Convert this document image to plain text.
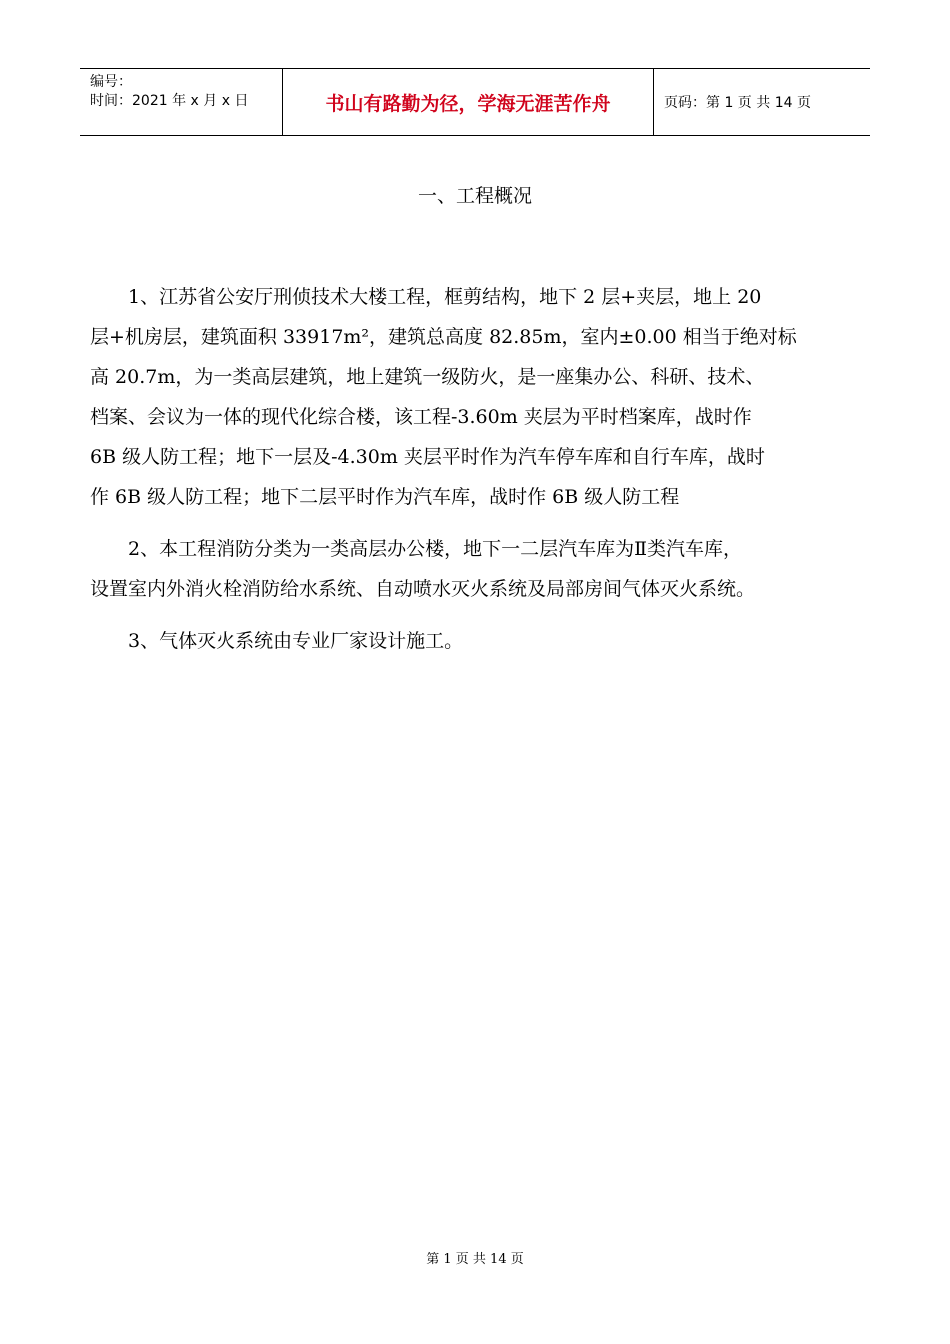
编号：
时间：2021 年 x 月 x 日	书山有路勤为径，学海无涯苦作舟	页码：第 1 页 共 14 页
一、工程概况

1、江苏省公安厅刑侦技术大楼工程，框剪结构，地下 2 层+夹层，地上 20
层+机房层，建筑面积 33917m²，建筑总高度 82.85m，室内±0.00 相当于绝对标
高 20.7m，为一类高层建筑，地上建筑一级防火，是一座集办公、科研、技术、
档案、会议为一体的现代化综合楼，该工程-3.60m 夹层为平时档案库，战时作
6B 级人防工程；地下一层及-4.30m 夹层平时作为汽车停车库和自行车库，战时
作 6B 级人防工程；地下二层平时作为汽车库，战时作 6B 级人防工程

2、本工程消防分类为一类高层办公楼，地下一二层汽车库为Ⅱ类汽车库，
设置室内外消火栓消防给水系统、自动喷水灭火系统及局部房间气体灭火系统。

3、气体灭火系统由专业厂家设计施工。

第 1 页 共 14 页
